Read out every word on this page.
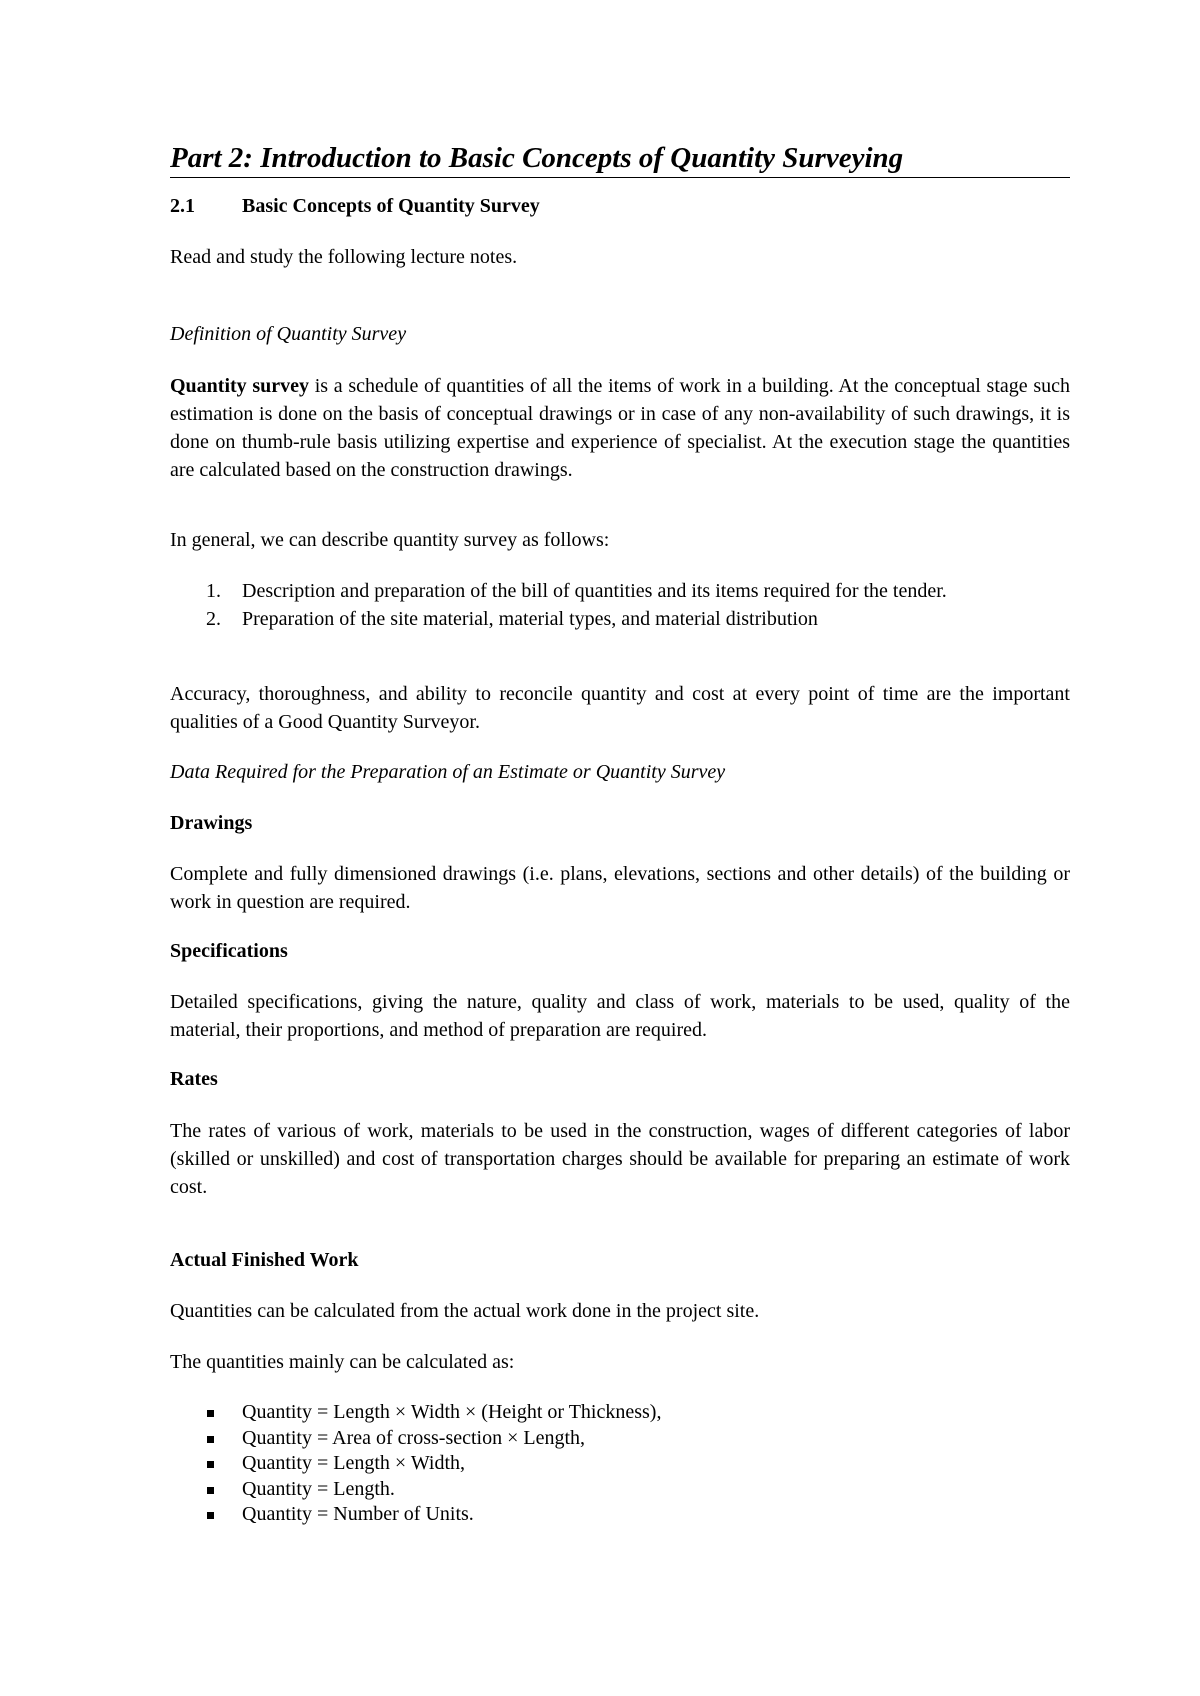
Part 2: Introduction to Basic Concepts of Quantity Surveying
2.1 Basic Concepts of Quantity Survey
Read and study the following lecture notes.
Definition of Quantity Survey
Quantity survey is a schedule of quantities of all the items of work in a building. At the conceptual stage such estimation is done on the basis of conceptual drawings or in case of any non-availability of such drawings, it is done on thumb-rule basis utilizing expertise and experience of specialist. At the execution stage the quantities are calculated based on the construction drawings.
In general, we can describe quantity survey as follows:
1. Description and preparation of the bill of quantities and its items required for the tender.
2. Preparation of the site material, material types, and material distribution
Accuracy, thoroughness, and ability to reconcile quantity and cost at every point of time are the important qualities of a Good Quantity Surveyor.
Data Required for the Preparation of an Estimate or Quantity Survey
Drawings
Complete and fully dimensioned drawings (i.e. plans, elevations, sections and other details) of the building or work in question are required.
Specifications
Detailed specifications, giving the nature, quality and class of work, materials to be used, quality of the material, their proportions, and method of preparation are required.
Rates
The rates of various of work, materials to be used in the construction, wages of different categories of labor (skilled or unskilled) and cost of transportation charges should be available for preparing an estimate of work cost.
Actual Finished Work
Quantities can be calculated from the actual work done in the project site.
The quantities mainly can be calculated as:
Quantity = Length × Width × (Height or Thickness),
Quantity = Area of cross-section × Length,
Quantity = Length × Width,
Quantity = Length.
Quantity = Number of Units.
